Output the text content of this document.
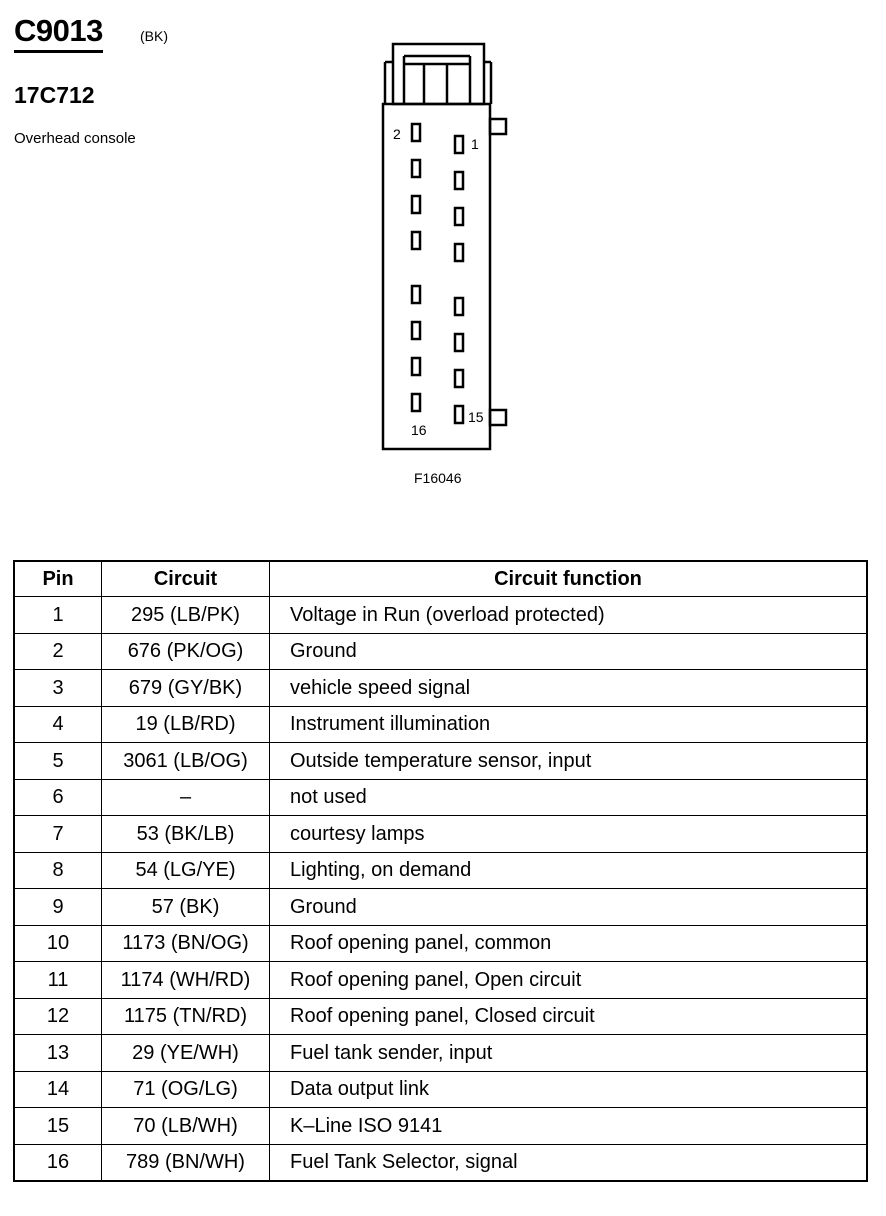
C9013	(BK)
17C712
Overhead console	2
1
16
15
F16046
Pin	Circuit	Circuit function
1	295 (LB/PK)	Voltage in Run (overload protected)
2	676 (PK/OG)	Ground
3	679 (GY/BK)	vehicle speed signal
4	19 (LB/RD)	Instrument illumination
5	3061 (LB/OG)	Outside temperature sensor, input
6	–	not used
7	53 (BK/LB)	courtesy lamps
8	54 (LG/YE)	Lighting, on demand
9	57 (BK)	Ground
10	1173 (BN/OG)	Roof opening panel, common
11	1174 (WH/RD)	Roof opening panel, Open circuit
12	1175 (TN/RD)	Roof opening panel, Closed circuit
13	29 (YE/WH)	Fuel tank sender, input
14	71 (OG/LG)	Data output link
15	70 (LB/WH)	K–Line ISO 9141
16	789 (BN/WH)	Fuel Tank Selector, signal
